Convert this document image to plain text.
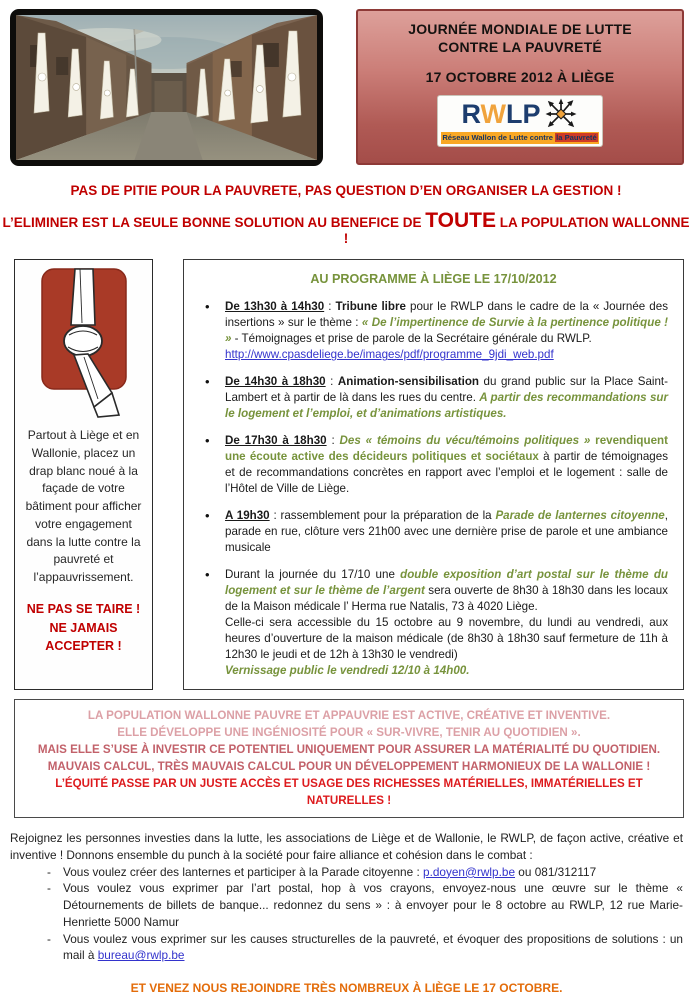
JOURNÉE MONDIALE DE LUTTE
CONTRE LA PAUVRETÉ
17 OCTOBRE 2012 À LIÈGE
RWLP
Réseau Wallon de Lutte contre la Pauvreté
PAS DE PITIE POUR LA PAUVRETE, PAS QUESTION D’EN ORGANISER LA GESTION !
L’ELIMINER EST LA SEULE BONNE SOLUTION AU BENEFICE DE TOUTE LA POPULATION WALLONNE !
Partout à Liège et en Wallonie, placez un drap blanc noué à la façade de votre bâtiment pour afficher votre engagement dans la lutte contre la pauvreté et l’appauvrissement.
NE PAS SE TAIRE ! NE JAMAIS ACCEPTER !
AU PROGRAMME À LIÈGE LE 17/10/2012
• De 13h30 à 14h30 : Tribune libre pour le RWLP dans le cadre de la « Journée des insertions » sur le thème : « De l’impertinence de Survie à la pertinence politique ! » - Témoignages et prise de parole de la Secrétaire générale du RWLP.
http://www.cpasdeliege.be/images/pdf/programme_9jdi_web.pdf
• De 14h30 à 18h30 : Animation-sensibilisation du grand public sur la Place Saint-Lambert et à partir de là dans les rues du centre. A partir des recommandations sur le logement et l’emploi, et d’animations artistiques.
• De 17h30 à 18h30 : Des « témoins du vécu/témoins politiques » revendiquent une écoute active des décideurs politiques et sociétaux à partir de témoignages et de recommandations concrètes en rapport avec l’emploi et le logement : salle de l’Hôtel de Ville de Liège.
• A 19h30 : rassemblement pour la préparation de la Parade de lanternes citoyenne, parade en rue, clôture vers 21h00 avec une dernière prise de parole et une ambiance musicale
• Durant la journée du 17/10 une double exposition d’art postal sur le thème du logement et sur le thème de l’argent sera ouverte de 8h30 à 18h30 dans les locaux de la Maison médicale l’ Herma rue Natalis, 73 à 4020 Liège.
Celle-ci sera accessible du 15 octobre au 9 novembre, du lundi au vendredi, aux heures d’ouverture de la maison médicale (de 8h30 à 18h30 sauf fermeture de 11h à 12h30 le jeudi et de 12h à 13h30 le vendredi)
Vernissage public le vendredi 12/10 à 14h00.
LA POPULATION WALLONNE PAUVRE ET APPAUVRIE EST ACTIVE, CRÉATIVE ET INVENTIVE.
ELLE DÉVELOPPE UNE INGÉNIOSITÉ POUR « SUR-VIVRE, TENIR AU QUOTIDIEN ».
MAIS ELLE S’USE À INVESTIR CE POTENTIEL UNIQUEMENT POUR ASSURER LA MATÉRIALITÉ DU QUOTIDIEN.
MAUVAIS CALCUL, TRÈS MAUVAIS CALCUL POUR UN DÉVELOPPEMENT HARMONIEUX DE LA WALLONIE !
L’ÉQUITÉ PASSE PAR UN JUSTE ACCÈS ET USAGE DES RICHESSES MATÉRIELLES, IMMATÉRIELLES ET NATURELLES !
Rejoignez les personnes investies dans la lutte, les associations de Liège et de Wallonie, le RWLP, de façon active, créative et inventive ! Donnons ensemble du punch à la société pour faire alliance et cohésion dans le combat :
- Vous voulez créer des lanternes et participer à la Parade citoyenne : p.doyen@rwlp.be ou 081/312117
- Vous voulez vous exprimer par l’art postal, hop à vos crayons, envoyez-nous une œuvre sur le thème « Détournements de billets de banque... redonnez du sens » : à envoyer pour le 8 octobre au RWLP, 12 rue Marie-Henriette 5000 Namur
- Vous voulez vous exprimer sur les causes structurelles de la pauvreté, et évoquer des propositions de solutions : un mail à bureau@rwlp.be
ET VENEZ NOUS REJOINDRE TRÈS NOMBREUX À LIÈGE LE 17 OCTOBRE.
